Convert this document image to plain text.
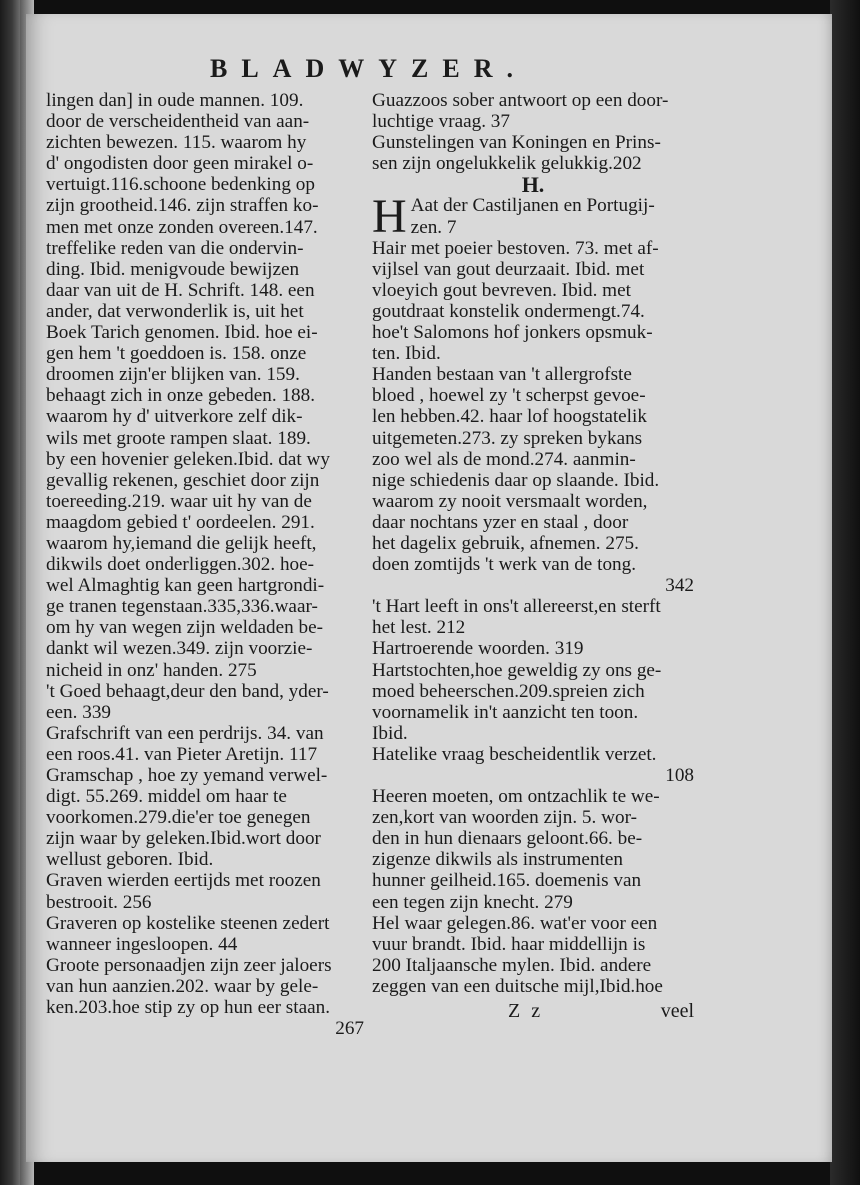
BLADWYZER.
lingen dan] in oude mannen. 109.
door de verscheidentheid van aan-
zichten bewezen. 115. waarom hy
d' ongodisten door geen mirakel o-
vertuigt.116.schoone bedenking op
zijn grootheid.146. zijn straffen ko-
men met onze zonden overeen.147.
treffelike reden van die ondervin-
ding. Ibid. menigvoude bewijzen
daar van uit de H. Schrift. 148. een
ander, dat verwonderlik is, uit het
Boek Tarich genomen. Ibid. hoe ei-
gen hem 't goeddoen is. 158. onze
droomen zijn'er blijken van. 159.
behaagt zich in onze gebeden. 188.
waarom hy d' uitverkore zelf dik-
wils met groote rampen slaat. 189.
by een hovenier geleken.Ibid. dat wy
gevallig rekenen, geschiet door zijn
toereeding.219. waar uit hy van de
maagdom gebied t' oordeelen. 291.
waarom hy,iemand die gelijk heeft,
dikwils doet onderliggen.302. hoe-
wel Almaghtig kan geen hartgrondi-
ge tranen tegenstaan.335,336.waar-
om hy van wegen zijn weldaden be-
dankt wil wezen.349. zijn voorzie-
nicheid in onz' handen. 275
't Goed behaagt,deur den band, yder-
een. 339
Grafschrift van een perdrijs. 34. van
een roos.41. van Pieter Aretijn. 117
Gramschap , hoe zy yemand verwel-
digt. 55.269. middel om haar te
voorkomen.279.die'er toe genegen
zijn waar by geleken.Ibid.wort door
wellust geboren. Ibid.
Graven wierden eertijds met roozen
bestrooit. 256
Graveren op kostelike steenen zedert
wanneer ingesloopen. 44
Groote personaadjen zijn zeer jaloers
van hun aanzien.202. waar by gele-
ken.203.hoe stip zy op hun eer staan.
267
Guazzoos sober antwoort op een door-
luchtige vraag. 37
Gunstelingen van Koningen en Prins-
sen zijn ongelukkelik gelukkig.202
H.
H Aat der Castiljanen en Portugij-
zen. 7
Hair met poeier bestoven. 73. met af-
vijlsel van gout deurzaait. Ibid. met
vloeyich gout bevreven. Ibid. met
goutdraat konstelik ondermengt.74.
hoe't Salomons hof jonkers opsmuk-
ten. Ibid.
Handen bestaan van 't allergrofste
bloed , hoewel zy 't scherpst gevoe-
len hebben.42. haar lof hoogstatelik
uitgemeten.273. zy spreken bykans
zoo wel als de mond.274. aanmin-
nige schiedenis daar op slaande. Ibid.
waarom zy nooit versmaalt worden,
daar nochtans yzer en staal , door
het dagelix gebruik, afnemen. 275.
doen zomtijds 't werk van de tong.
342
't Hart leeft in ons't allereerst,en sterft
het lest. 212
Hartroerende woorden. 319
Hartstochten,hoe geweldig zy ons ge-
moed beheerschen.209.spreien zich
voornamelik in't aanzicht ten toon.
Ibid.
Hatelike vraag bescheidentlik verzet.
108
Heeren moeten, om ontzachlik te we-
zen,kort van woorden zijn. 5. wor-
den in hun dienaars geloont.66. be-
zigenze dikwils als instrumenten
hunner geilheid.165. doemenis van
een tegen zijn knecht. 279
Hel waar gelegen.86. wat'er voor een
vuur brandt. Ibid. haar middellijn is
200 Italjaansche mylen. Ibid. andere
zeggen van een duitsche mijl,Ibid.hoe
Z z	veel
